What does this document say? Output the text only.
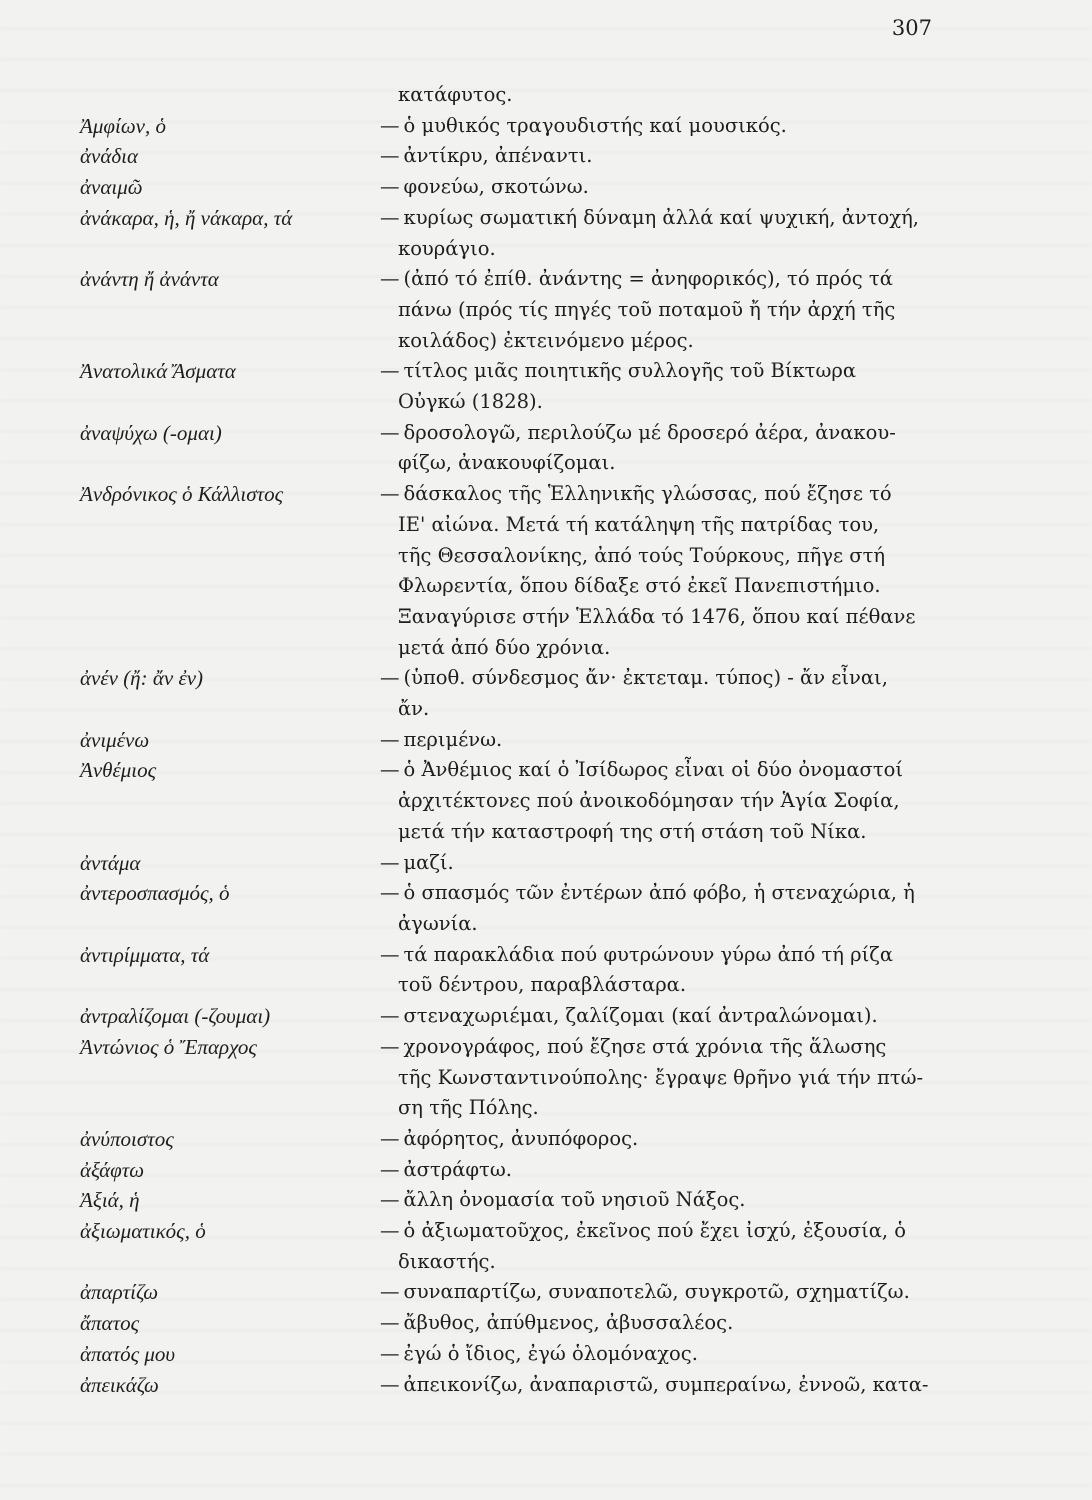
307
κατάφυτος.
Ἀμφίων, ὁ	— ὁ μυθικός τραγουδιστής καί μουσικός.
ἀνάδια	— ἀντίκρυ, ἀπέναντι.
ἀναιμῶ	— φονεύω, σκοτώνω.
ἀνάκαρα, ἡ, ἤ νάκαρα, τά	— κυρίως σωματική δύναμη ἀλλά καί ψυχική, ἀντοχή,
κουράγιο.
ἀνάντη ἤ ἀνάντα	— (ἀπό τό ἐπίθ. ἀνάντης = ἀνηφορικός), τό πρός τά
πάνω (πρός τίς πηγές τοῦ ποταμοῦ ἤ τήν ἀρχή τῆς
κοιλάδος) ἐκτεινόμενο μέρος.
Ἀνατολικά Ἄσματα	— τίτλος μιᾶς ποιητικῆς συλλογῆς τοῦ Βίκτωρα
Οὐγκώ (1828).
ἀναψύχω (-ομαι)	— δροσολογῶ, περιλούζω μέ δροσερό ἀέρα, ἀνακου-
φίζω, ἀνακουφίζομαι.
Ἀνδρόνικος ὁ Κάλλιστος	— δάσκαλος τῆς Ἑλληνικῆς γλώσσας, πού ἔζησε τό
ΙΕ' αἰώνα. Μετά τή κατάληψη τῆς πατρίδας του,
τῆς Θεσσαλονίκης, ἀπό τούς Τούρκους, πῆγε στή
Φλωρεντία, ὅπου δίδαξε στό ἐκεῖ Πανεπιστήμιο.
Ξαναγύρισε στήν Ἑλλάδα τό 1476, ὅπου καί πέθανε
μετά ἀπό δύο χρόνια.
ἀνέν (ἤ: ἄν ἐν)	— (ὑποθ. σύνδεσμος ἄν· ἐκτεταμ. τύπος) - ἄν εἶναι,
ἄν.
ἀνιμένω	— περιμένω.
Ἀνθέμιος	— ὁ Ἀνθέμιος καί ὁ Ἰσίδωρος εἶναι οἱ δύο ὀνομαστοί
ἀρχιτέκτονες πού ἀνοικοδόμησαν τήν Ἁγία Σοφία,
μετά τήν καταστροφή της στή στάση τοῦ Νίκα.
ἀντάμα	— μαζί.
ἀντεροσπασμός, ὁ	— ὁ σπασμός τῶν ἐντέρων ἀπό φόβο, ἡ στεναχώρια, ἡ
ἀγωνία.
ἀντιρίμματα, τά	— τά παρακλάδια πού φυτρώνουν γύρω ἀπό τή ρίζα
τοῦ δέντρου, παραβλάσταρα.
ἀντραλίζομαι (-ζουμαι)	— στεναχωριέμαι, ζαλίζομαι (καί ἀντραλώνομαι).
Ἀντώνιος ὁ Ἔπαρχος	— χρονογράφος, πού ἔζησε στά χρόνια τῆς ἅλωσης
τῆς Κωνσταντινούπολης· ἔγραψε θρῆνο γιά τήν πτώ-
ση τῆς Πόλης.
ἀνύποιστος	— ἀφόρητος, ἀνυπόφορος.
ἀξάφτω	— ἀστράφτω.
Ἀξιά, ἡ	— ἄλλη ὀνομασία τοῦ νησιοῦ Νάξος.
ἀξιωματικός, ὁ	— ὁ ἀξιωματοῦχος, ἐκεῖνος πού ἔχει ἰσχύ, ἐξουσία, ὁ
δικαστής.
ἀπαρτίζω	— συναπαρτίζω, συναποτελῶ, συγκροτῶ, σχηματίζω.
ἄπατος	— ἄβυθος, ἀπύθμενος, ἀβυσσαλέος.
ἀπατός μου	— ἐγώ ὁ ἴδιος, ἐγώ ὁλομόναχος.
ἀπεικάζω	— ἀπεικονίζω, ἀναπαριστῶ, συμπεραίνω, ἐννοῶ, κατα-
